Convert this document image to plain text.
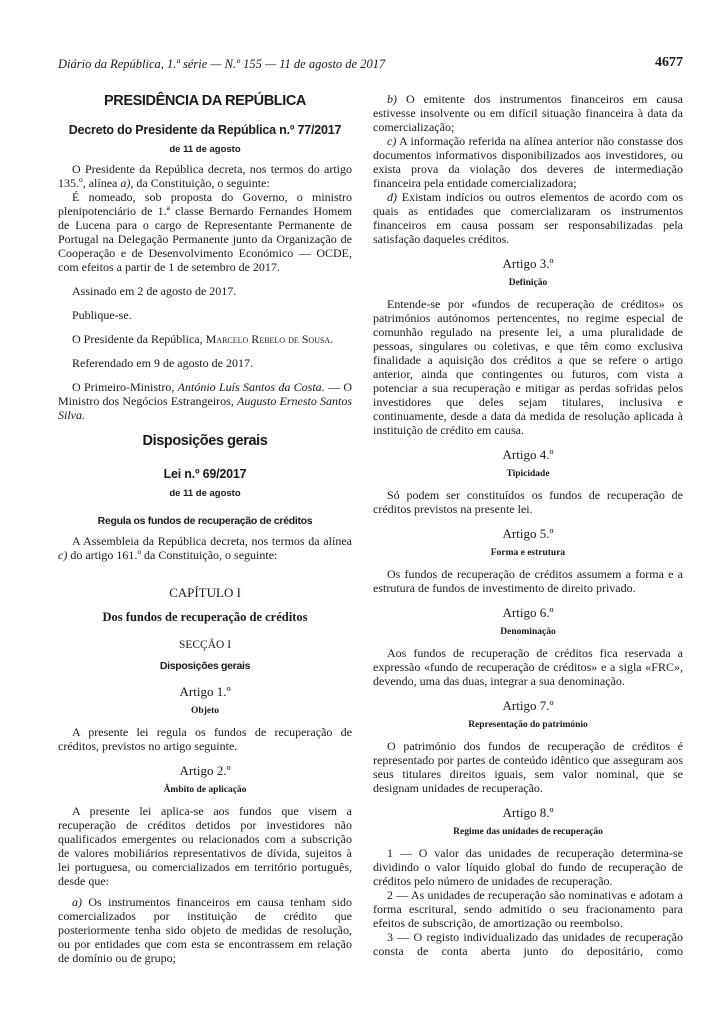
Diário da República, 1.ª série — N.º 155 — 11 de agosto de 2017	4677
PRESIDÊNCIA DA REPÚBLICA
Decreto do Presidente da República n.º 77/2017
de 11 de agosto

O Presidente da República decreta, nos termos do artigo 135.º, alínea a), da Constituição, o seguinte:

É nomeado, sob proposta do Governo, o ministro plenipotenciário de 1.ª classe Bernardo Fernandes Homem de Lucena para o cargo de Representante Permanente de Portugal na Delegação Permanente junto da Organização de Cooperação e de Desenvolvimento Económico — OCDE, com efeitos a partir de 1 de setembro de 2017.

Assinado em 2 de agosto de 2017.

Publique-se.

O Presidente da República, Marcelo Rebelo de Sousa.

Referendado em 9 de agosto de 2017.

O Primeiro-Ministro, António Luís Santos da Costa. — O Ministro dos Negócios Estrangeiros, Augusto Ernesto Santos Silva.

Disposições gerais
Lei n.º 69/2017
de 11 de agosto
Regula os fundos de recuperação de créditos

A Assembleia da República decreta, nos termos da alínea c) do artigo 161.º da Constituição, o seguinte:

CAPÍTULO I
Dos fundos de recuperação de créditos
SECÇÃO I
Disposições gerais
Artigo 1.º
Objeto

A presente lei regula os fundos de recuperação de créditos, previstos no artigo seguinte.

Artigo 2.º
Âmbito de aplicação

A presente lei aplica-se aos fundos que visem a recuperação de créditos detidos por investidores não qualificados emergentes ou relacionados com a subscrição de valores mobiliários representativos de dívida, sujeitos à lei portuguesa, ou comercializados em território português, desde que:

a) Os instrumentos financeiros em causa tenham sido comercializados por instituição de crédito que posteriormente tenha sido objeto de medidas de resolução, ou por entidades que com esta se encontrassem em relação de domínio ou de grupo;

b) O emitente dos instrumentos financeiros em causa estivesse insolvente ou em difícil situação financeira à data da comercialização;

c) A informação referida na alínea anterior não constasse dos documentos informativos disponibilizados aos investidores, ou exista prova da violação dos deveres de intermediação financeira pela entidade comercializadora;

d) Existam indícios ou outros elementos de acordo com os quais as entidades que comercializaram os instrumentos financeiros em causa possam ser responsabilizadas pela satisfação daqueles créditos.

Artigo 3.º
Definição

Entende-se por «fundos de recuperação de créditos» os patrimónios autónomos pertencentes, no regime especial de comunhão regulado na presente lei, a uma pluralidade de pessoas, singulares ou coletivas, e que têm como exclusiva finalidade a aquisição dos créditos a que se refere o artigo anterior, ainda que contingentes ou futuros, com vista a potenciar a sua recuperação e mitigar as perdas sofridas pelos investidores que deles sejam titulares, inclusiva e continuamente, desde a data da medida de resolução aplicada à instituição de crédito em causa.

Artigo 4.º
Tipicidade

Só podem ser constituídos os fundos de recuperação de créditos previstos na presente lei.

Artigo 5.º
Forma e estrutura

Os fundos de recuperação de créditos assumem a forma e a estrutura de fundos de investimento de direito privado.

Artigo 6.º
Denominação

Aos fundos de recuperação de créditos fica reservada a expressão «fundo de recuperação de créditos» e a sigla «FRC», devendo, uma das duas, integrar a sua denominação.

Artigo 7.º
Representação do património

O património dos fundos de recuperação de créditos é representado por partes de conteúdo idêntico que asseguram aos seus titulares direitos iguais, sem valor nominal, que se designam unidades de recuperação.

Artigo 8.º
Regime das unidades de recuperação

1 — O valor das unidades de recuperação determina-se dividindo o valor líquido global do fundo de recuperação de créditos pelo número de unidades de recuperação.

2 — As unidades de recuperação são nominativas e adotam a forma escritural, sendo admitido o seu fracionamento para efeitos de subscrição, de amortização ou reembolso.

3 — O registo individualizado das unidades de recuperação consta de conta aberta junto do depositário, como
